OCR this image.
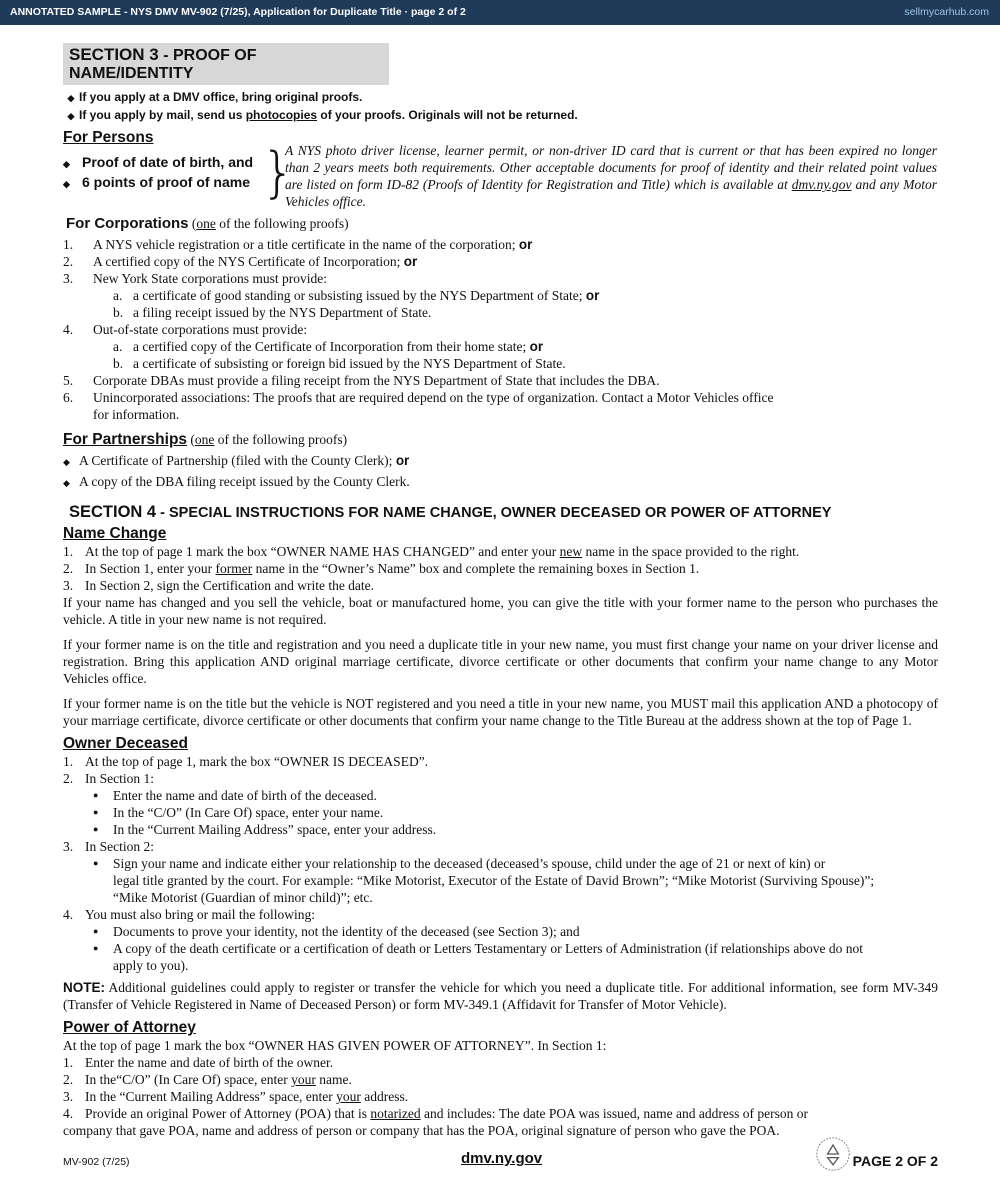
ANNOTATED SAMPLE - NYS DMV MV-902 (7/25), Application for Duplicate Title · page 2 of 2	sellmycarhub.com
SECTION 3 - PROOF OF NAME/IDENTITY
◆ If you apply at a DMV office, bring original proofs.
◆ If you apply by mail, send us photocopies of your proofs. Originals will not be returned.
For Persons
◆ Proof of date of birth, and
◆ 6 points of proof of name }
A NYS photo driver license, learner permit, or non-driver ID card that is current or that has been expired no longer than 2 years meets both requirements. Other acceptable documents for proof of identity and their related point values are listed on form ID-82 (Proofs of Identity for Registration and Title) which is available at dmv.ny.gov and any Motor Vehicles office.
For Corporations (one of the following proofs)
1.	A NYS vehicle registration or a title certificate in the name of the corporation; or
2.	A certified copy of the NYS Certificate of Incorporation; or
3.	New York State corporations must provide:
a. a certificate of good standing or subsisting issued by the NYS Department of State; or
b. a filing receipt issued by the NYS Department of State.
4.	Out-of-state corporations must provide:
a. a certified copy of the Certificate of Incorporation from their home state; or
b. a certificate of subsisting or foreign bid issued by the NYS Department of State.
5.	Corporate DBAs must provide a filing receipt from the NYS Department of State that includes the DBA.
6.	Unincorporated associations: The proofs that are required depend on the type of organization. Contact a Motor Vehicles office
for information.
For Partnerships (one of the following proofs)
◆ A Certificate of Partnership (filed with the County Clerk); or
◆ A copy of the DBA filing receipt issued by the County Clerk.
SECTION 4 - SPECIAL INSTRUCTIONS FOR NAME CHANGE, OWNER DECEASED OR POWER OF ATTORNEY
Name Change
1. At the top of page 1 mark the box “OWNER NAME HAS CHANGED” and enter your new name in the space provided to the right.
2. In Section 1, enter your former name in the “Owner’s Name” box and complete the remaining boxes in Section 1.
3. In Section 2, sign the Certification and write the date.
If your name has changed and you sell the vehicle, boat or manufactured home, you can give the title with your former name to the person who purchases the vehicle. A title in your new name is not required.
If your former name is on the title and registration and you need a duplicate title in your new name, you must first change your name on your driver license and registration. Bring this application AND original marriage certificate, divorce certificate or other documents that confirm your name change to any Motor Vehicles office.
If your former name is on the title but the vehicle is NOT registered and you need a title in your new name, you MUST mail this application AND a photocopy of your marriage certificate, divorce certificate or other documents that confirm your name change to the Title Bureau at the address shown at the top of Page 1.
Owner Deceased
1. At the top of page 1, mark the box “OWNER IS DECEASED”.
2. In Section 1:
●	Enter the name and date of birth of the deceased.
●	In the “C/O” (In Care Of) space, enter your name.
●	In the “Current Mailing Address” space, enter your address.
3. In Section 2:
●	Sign your name and indicate either your relationship to the deceased (deceased’s spouse, child under the age of 21 or next of kin) or
legal title granted by the court. For example: “Mike Motorist, Executor of the Estate of David Brown”; “Mike Motorist (Surviving Spouse)”;
“Mike Motorist (Guardian of minor child)”; etc.
4. You must also bring or mail the following:
●	Documents to prove your identity, not the identity of the deceased (see Section 3); and
●	A copy of the death certificate or a certification of death or Letters Testamentary or Letters of Administration (if relationships above do not
apply to you).
NOTE: Additional guidelines could apply to register or transfer the vehicle for which you need a duplicate title. For additional information, see form MV-349 (Transfer of Vehicle Registered in Name of Deceased Person) or form MV-349.1 (Affidavit for Transfer of Motor Vehicle).
Power of Attorney
At the top of page 1 mark the box “OWNER HAS GIVEN POWER OF ATTORNEY”. In Section 1:
1. Enter the name and date of birth of the owner.
2. In the“C/O” (In Care Of) space, enter your name.
3. In the “Current Mailing Address” space, enter your address.
4. Provide an original Power of Attorney (POA) that is notarized and includes: The date POA was issued, name and address of person or
company that gave POA, name and address of person or company that has the POA, original signature of person who gave the POA.
MV-902 (7/25)	dmv.ny.gov	PAGE 2 OF 2
